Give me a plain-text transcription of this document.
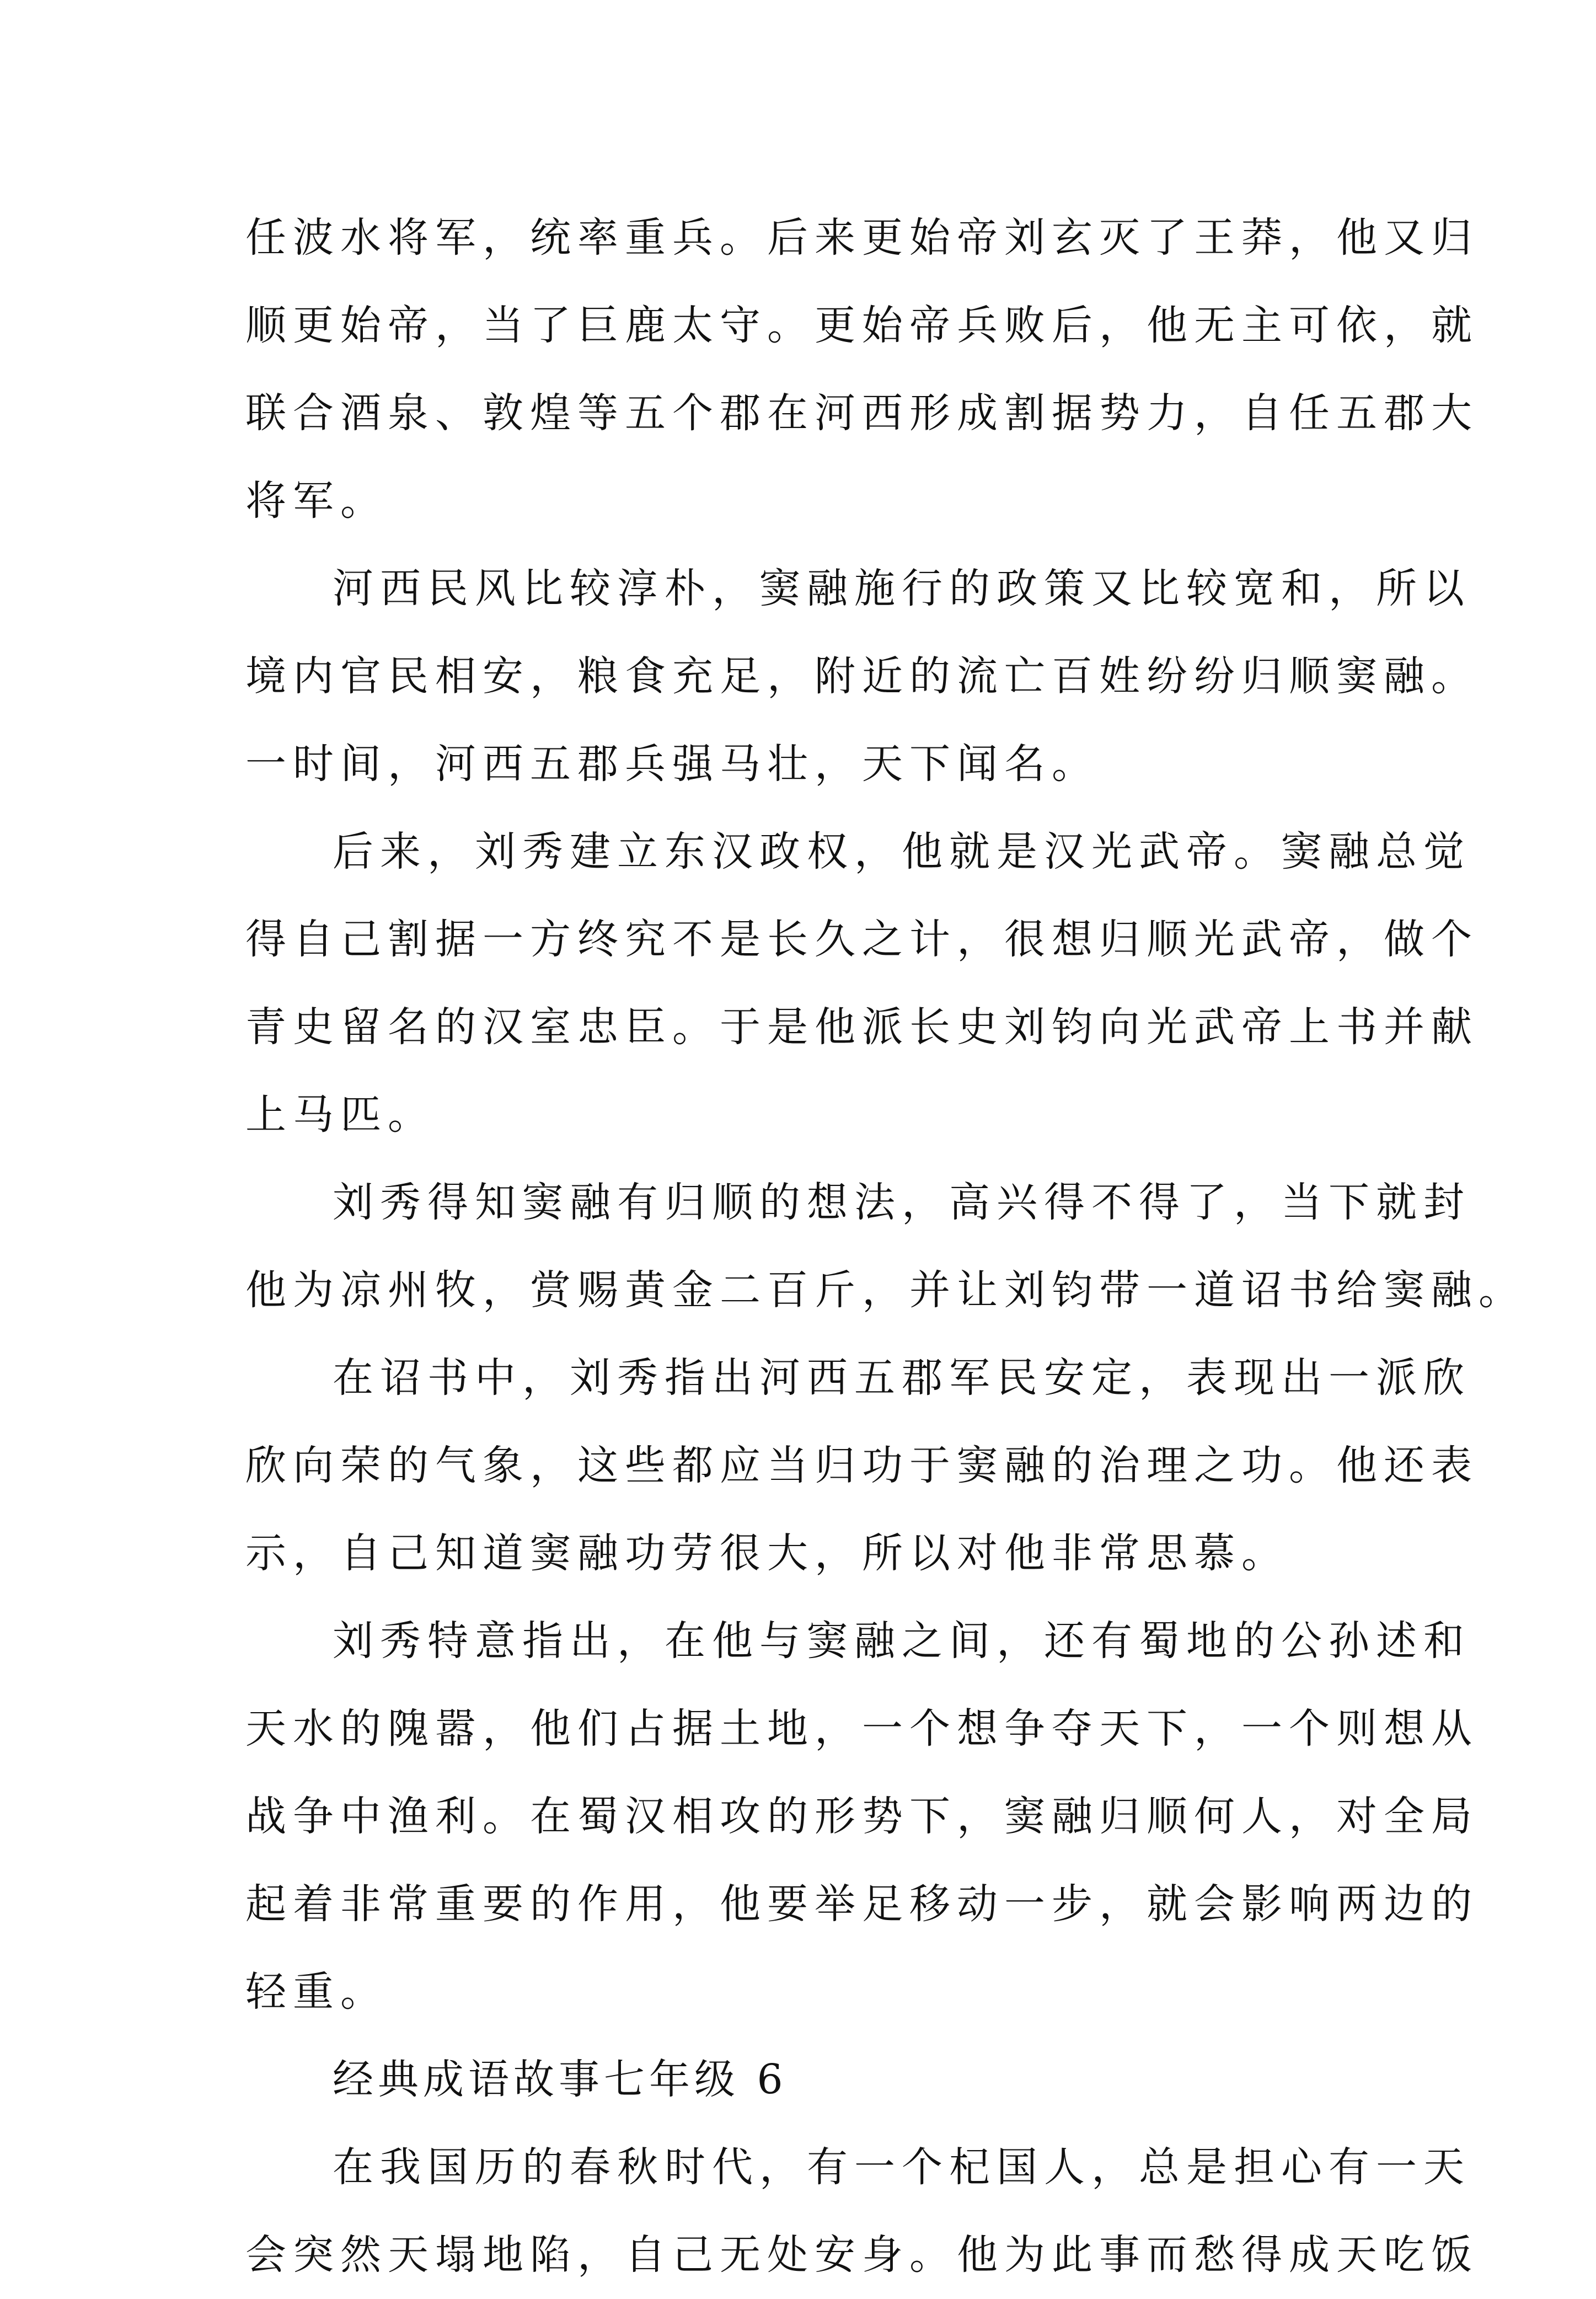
任波水将军，统率重兵。后来更始帝刘玄灭了王莽，他又归
顺更始帝，当了巨鹿太守。更始帝兵败后，他无主可依，就
联合酒泉、敦煌等五个郡在河西形成割据势力，自任五郡大
将军。
河西民风比较淳朴，窦融施行的政策又比较宽和，所以
境内官民相安，粮食充足，附近的流亡百姓纷纷归顺窦融。
一时间，河西五郡兵强马壮，天下闻名。
后来，刘秀建立东汉政权，他就是汉光武帝。窦融总觉
得自己割据一方终究不是长久之计，很想归顺光武帝，做个
青史留名的汉室忠臣。于是他派长史刘钧向光武帝上书并献
上马匹。
刘秀得知窦融有归顺的想法，高兴得不得了，当下就封
他为凉州牧，赏赐黄金二百斤，并让刘钧带一道诏书给窦融。
在诏书中，刘秀指出河西五郡军民安定，表现出一派欣
欣向荣的气象，这些都应当归功于窦融的治理之功。他还表
示，自己知道窦融功劳很大，所以对他非常思慕。
刘秀特意指出，在他与窦融之间，还有蜀地的公孙述和
天水的隗嚣，他们占据土地，一个想争夺天下，一个则想从
战争中渔利。在蜀汉相攻的形势下，窦融归顺何人，对全局
起着非常重要的作用，他要举足移动一步，就会影响两边的
轻重。
经典成语故事七年级 6
在我国历的春秋时代，有一个杞国人，总是担心有一天
会突然天塌地陷，自己无处安身。他为此事而愁得成天吃饭
